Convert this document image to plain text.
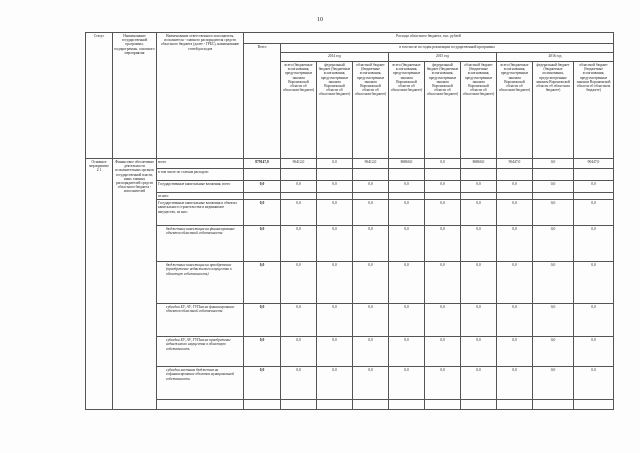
10
Статус	Наименование государственной программы, подпрограммы, основного мероприятия	Наименование ответственного исполнителя, исполнителя - главного распорядителя средств областного бюджета (далее - ГРБС), наименование статей расходов	Расходы областного бюджета, тыс. рублей									
			Всего	в том числе по годам реализации государственной программы								
				2014 год			2015 год			2016 год		
				всего (бюджетные ассигнования, предусмотренные законом Воронежской области об областном бюджете)	федеральный бюджет (бюджетные ассигнования, предусмотренные законом Воронежской области об областном бюджете)	областной бюджет (бюджетные ассигнования, предусмотренные законом Воронежской области об областном бюджете)	всего (бюджетные ассигнования, предусмотренные законом Воронежской области об областном бюджете)	федеральный бюджет (бюджетные ассигнования, предусмотренные законом Воронежской области об областном бюджете)	областной бюджет (бюджетные ассигнования, предусмотренные законом Воронежской области об областном бюджете)	всего (бюджетные ассигнования, предусмотренные законом Воронежской области об областном бюджете)	федеральный бюджет (бюджетные ассигнования, предусмотренные законом Воронежской области об областном бюджете)	областной бюджет (бюджетные ассигнования, предусмотренные законом Воронежской области об областном бюджете)
Основное мероприятие 2.1	Финансовое обеспечение деятельности исполнительных органов государственной власти, иных главных распорядителей средств областного бюджета - исполнителей	всего	879147,0	96412,0	0,0	96412,0	86860,0	0,0	86860,0	90447,0	0,0	90447,0
		в том числе по статьям расходов:										
		Государственные капитальные вложения, всего	0,0	0,0	0,0	0,0	0,0	0,0	0,0	0,0	0,0	0,0
		из них:										
		Государственные капитальные вложения в объекты капитального строительства и недвижимое имущество, из них:	0,0	0,0	0,0	0,0	0,0	0,0	0,0	0,0	0,0	0,0
		бюджетные инвестиции на финансирование объектов областной собственности	0,0	0,0	0,0	0,0	0,0	0,0	0,0	0,0	0,0	0,0
		бюджетные инвестиции на приобретение (приобретение недвижимого имущества в областную собственность)	0,0	0,0	0,0	0,0	0,0	0,0	0,0	0,0	0,0	0,0
		субсидии БУ, АУ, ГУПам на финансирование объектов областной собственности	0,0	0,0	0,0	0,0	0,0	0,0	0,0	0,0	0,0	0,0
		субсидии БУ, АУ, ГУПам на приобретение недвижимого имущества в областную собственность	0,0	0,0	0,0	0,0	0,0	0,0	0,0	0,0	0,0	0,0
		субсидии местным бюджетам на софинансирование объектов муниципальной собственности	0,0	0,0	0,0	0,0	0,0	0,0	0,0	0,0	0,0	0,0
